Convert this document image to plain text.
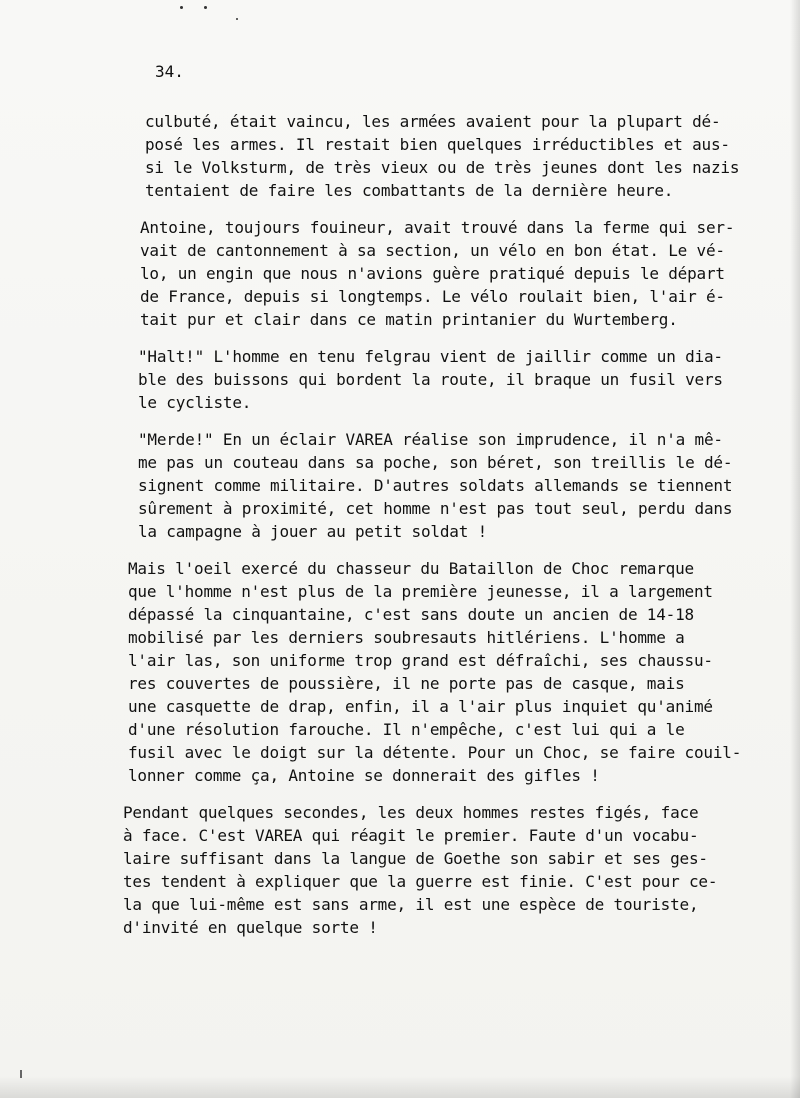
34.
culbuté, était vaincu, les armées avaient pour la plupart dé-
posé les armes. Il restait bien quelques irréductibles et aus-
si le Volksturm, de très vieux ou de très jeunes dont les nazis
tentaient de faire les combattants de la dernière heure.
Antoine, toujours fouineur, avait trouvé dans la ferme qui ser-
vait de cantonnement à sa section, un vélo en bon état. Le vé-
lo, un engin que nous n'avions guère pratiqué depuis le départ
de France, depuis si longtemps. Le vélo roulait bien, l'air é-
tait pur et clair dans ce matin printanier du Wurtemberg.
"Halt!" L'homme en tenu felgrau vient de jaillir comme un dia-
ble des buissons qui bordent la route, il braque un fusil vers
le cycliste.
"Merde!" En un éclair VAREA réalise son imprudence, il n'a mê-
me pas un couteau dans sa poche, son béret, son treillis le dé-
signent comme militaire. D'autres soldats allemands se tiennent
sûrement à proximité, cet homme n'est pas tout seul, perdu dans
la campagne à jouer au petit soldat !
Mais l'oeil exercé du chasseur du Bataillon de Choc remarque
que l'homme n'est plus de la première jeunesse, il a largement
dépassé la cinquantaine, c'est sans doute un ancien de 14-18
mobilisé par les derniers soubresauts hitlériens. L'homme a
l'air las, son uniforme trop grand est défraîchi, ses chaussu-
res couvertes de poussière, il ne porte pas de casque, mais
une casquette de drap, enfin, il a l'air plus inquiet qu'animé
d'une résolution farouche. Il n'empêche, c'est lui qui a le
fusil avec le doigt sur la détente. Pour un Choc, se faire couil-
lonner comme ça, Antoine se donnerait des gifles !
Pendant quelques secondes, les deux hommes restes figés, face
à face. C'est VAREA qui réagit le premier. Faute d'un vocabu-
laire suffisant dans la langue de Goethe son sabir et ses ges-
tes tendent à expliquer que la guerre est finie. C'est pour ce-
la que lui-même est sans arme, il est une espèce de touriste,
d'invité en quelque sorte !
